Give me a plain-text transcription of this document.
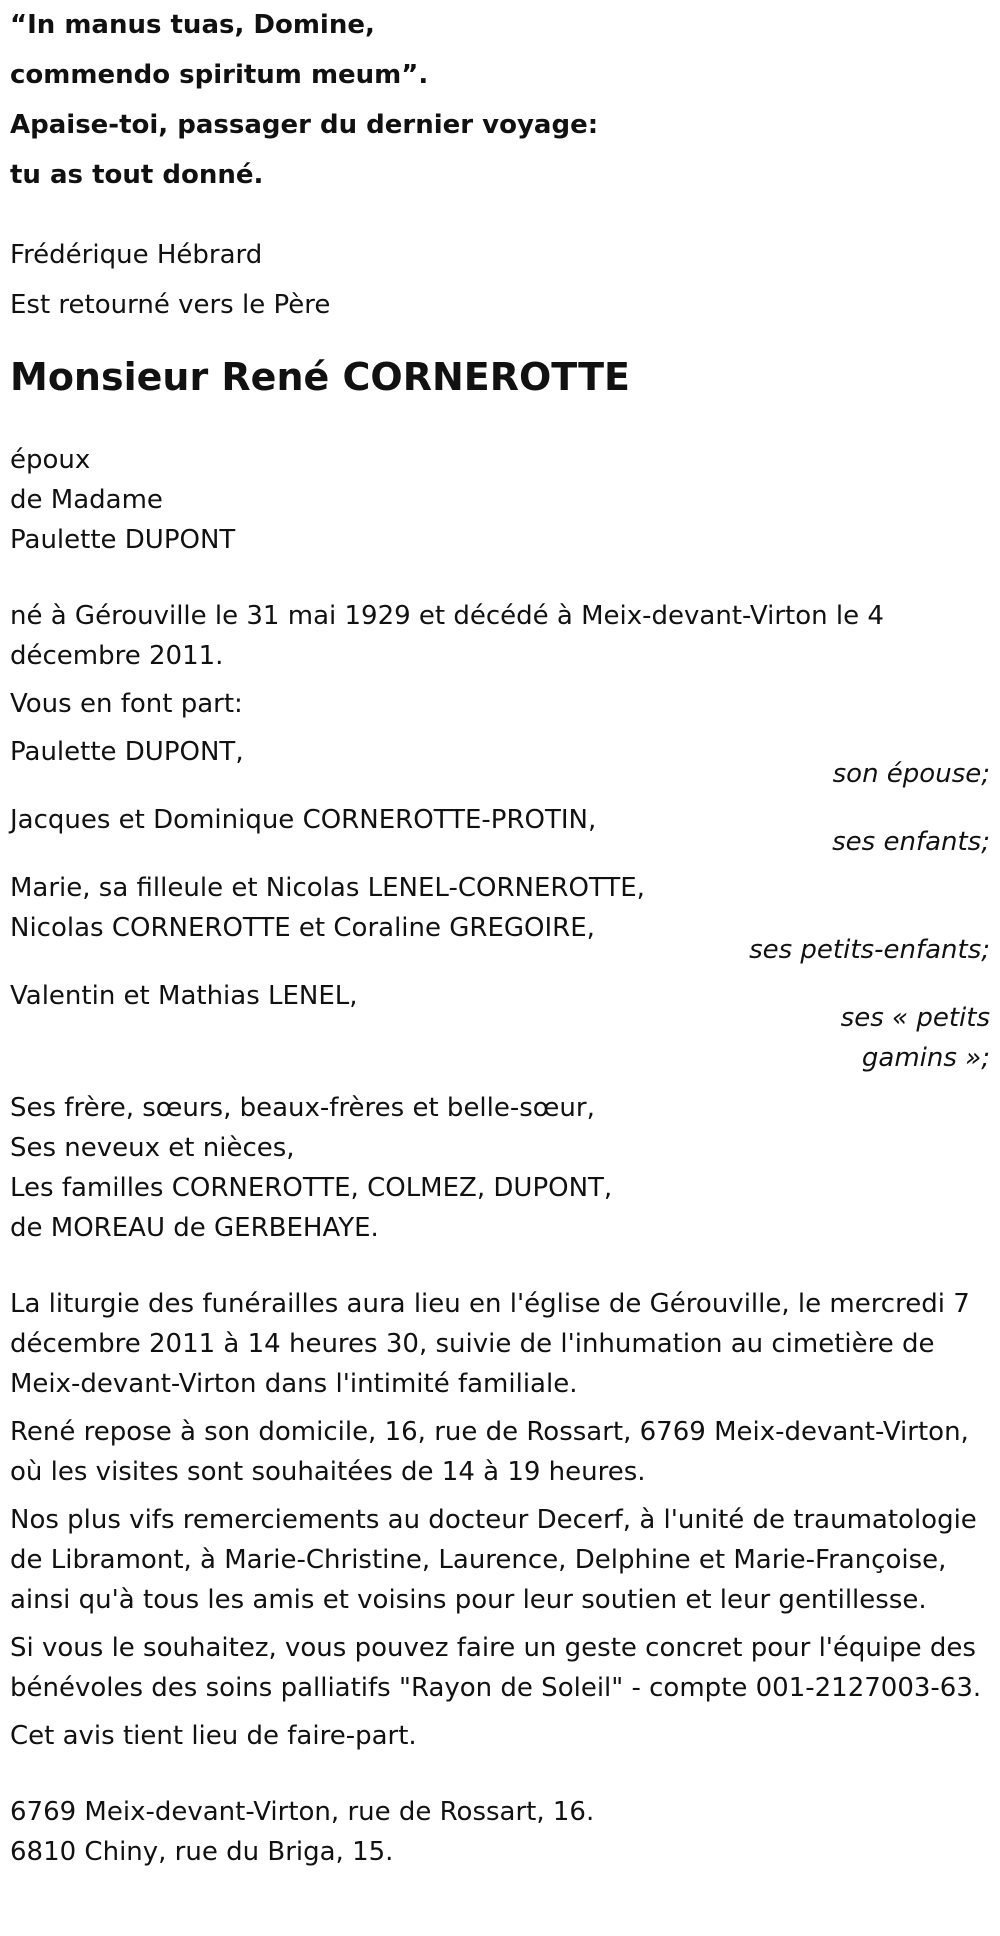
“In manus tuas, Domine,

commendo spiritum meum”.

Apaise-toi, passager du dernier voyage:

tu as tout donné.

Frédérique Hébrard

Est retourné vers le Père

Monsieur René CORNEROTTE

époux

de Madame

Paulette DUPONT

né à Gérouville le 31 mai 1929 et décédé à Meix-devant-Virton le 4 décembre 2011.

Vous en font part:

Paulette DUPONT,

son épouse;

Jacques et Dominique CORNEROTTE-PROTIN,

ses enfants;

Marie, sa filleule et Nicolas LENEL-CORNEROTTE,

Nicolas CORNEROTTE et Coraline GREGOIRE,

ses petits-enfants;

Valentin et Mathias LENEL,

ses « petits gamins »;

Ses frère, sœurs, beaux-frères et belle-sœur,

Ses neveux et nièces,

Les familles CORNEROTTE, COLMEZ, DUPONT,

de MOREAU de GERBEHAYE.

La liturgie des funérailles aura lieu en l'église de Gérouville, le mercredi 7 décembre 2011 à 14 heures 30, suivie de l'inhumation au cimetière de Meix-devant-Virton dans l'intimité familiale.

René repose à son domicile, 16, rue de Rossart, 6769 Meix-devant-Virton, où les visites sont souhaitées de 14 à 19 heures.

Nos plus vifs remerciements au docteur Decerf, à l'unité de traumatologie de Libramont, à Marie-Christine, Laurence, Delphine et Marie-Françoise, ainsi qu'à tous les amis et voisins pour leur soutien et leur gentillesse.

Si vous le souhaitez, vous pouvez faire un geste concret pour l'équipe des bénévoles des soins palliatifs "Rayon de Soleil" - compte 001-2127003-63.

Cet avis tient lieu de faire-part.

6769 Meix-devant-Virton, rue de Rossart, 16.

6810 Chiny, rue du Briga, 15.
